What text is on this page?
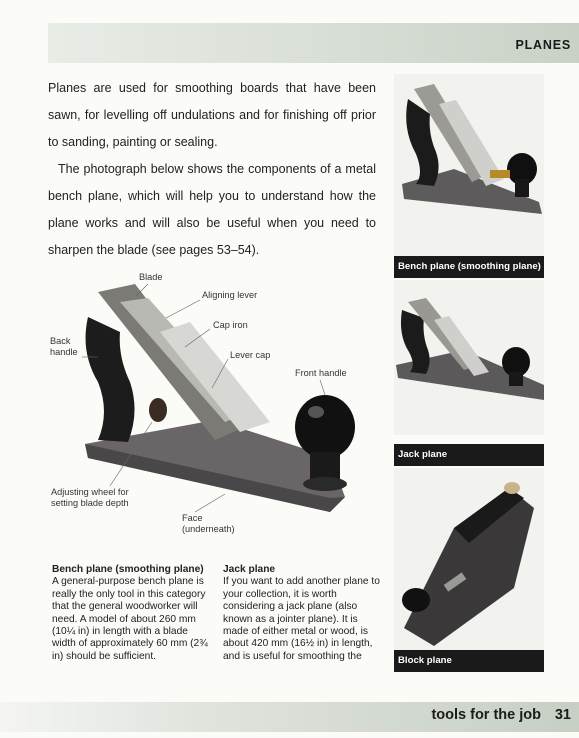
PLANES

Planes are used for smoothing boards that have been sawn, for levelling off undulations and for finishing off prior to sanding, painting or sealing.

The photograph below shows the components of a metal bench plane, which will help you to understand how the plane works and will also be useful when you need to sharpen the blade (see pages 53–54).

Blade
Aligning lever
Cap iron
Back
handle	Lever cap
Front handle
Adjusting wheel for
setting blade depth
Face
(underneath)
Bench plane (smoothing plane)
Jack plane
Block plane
Bench plane (smoothing plane)

A general-purpose bench plane is really the only tool in this category that the general woodworker will need. A model of about 260 mm (10¼ in) in length with a blade width of approximately 60 mm (2¾ in) should be sufficient.

Jack plane

If you want to add another plane to your collection, it is worth considering a jack plane (also known as a jointer plane). It is made of either metal or wood, is about 420 mm (16½ in) in length, and is useful for smoothing the

tools for the job 31
